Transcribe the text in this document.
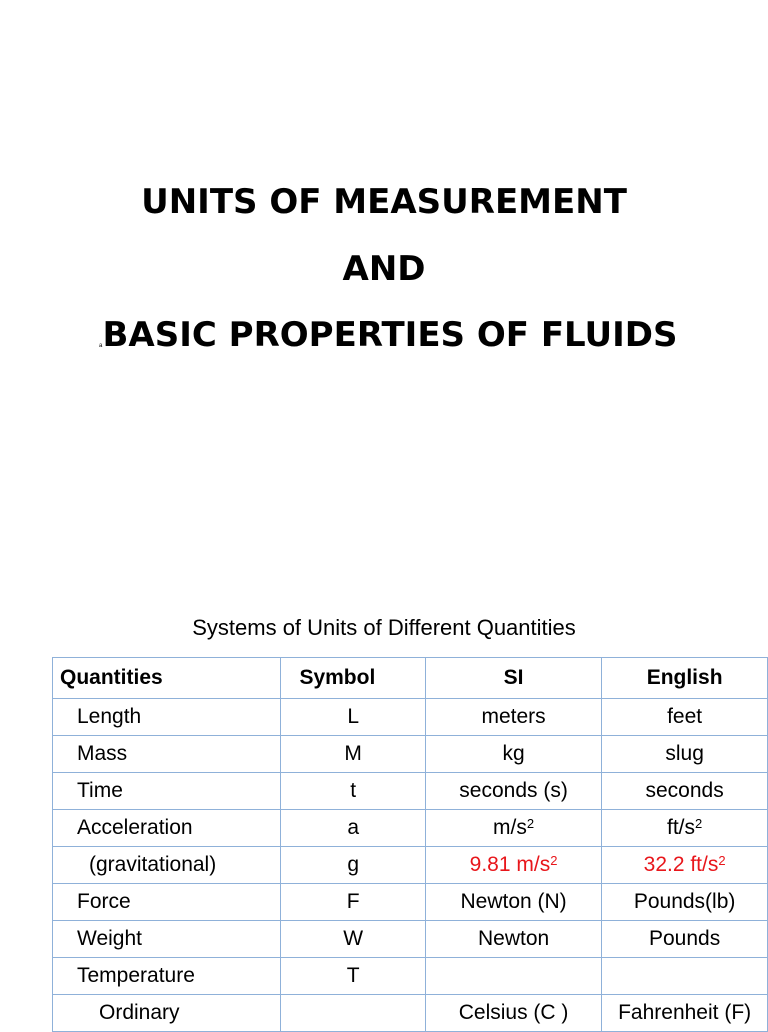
UNITS OF MEASUREMENT
AND
a BASIC PROPERTIES OF FLUIDS
Systems of Units of Different Quantities
Quantities	Symbol	SI	English
Length	L	meters	feet
Mass	M	kg	slug
Time	t	seconds (s)	seconds
Acceleration	a	$m/s^2$	$ft/s^2$
(gravitational)	g	9.81 $m/s^2$	32.2 $ft/s^2$
Force	F	Newton (N)	Pounds(lb)
Weight	W	Newton	Pounds
Temperature	T		
Ordinary		Celsius (C )	Fahrenheit (F)
